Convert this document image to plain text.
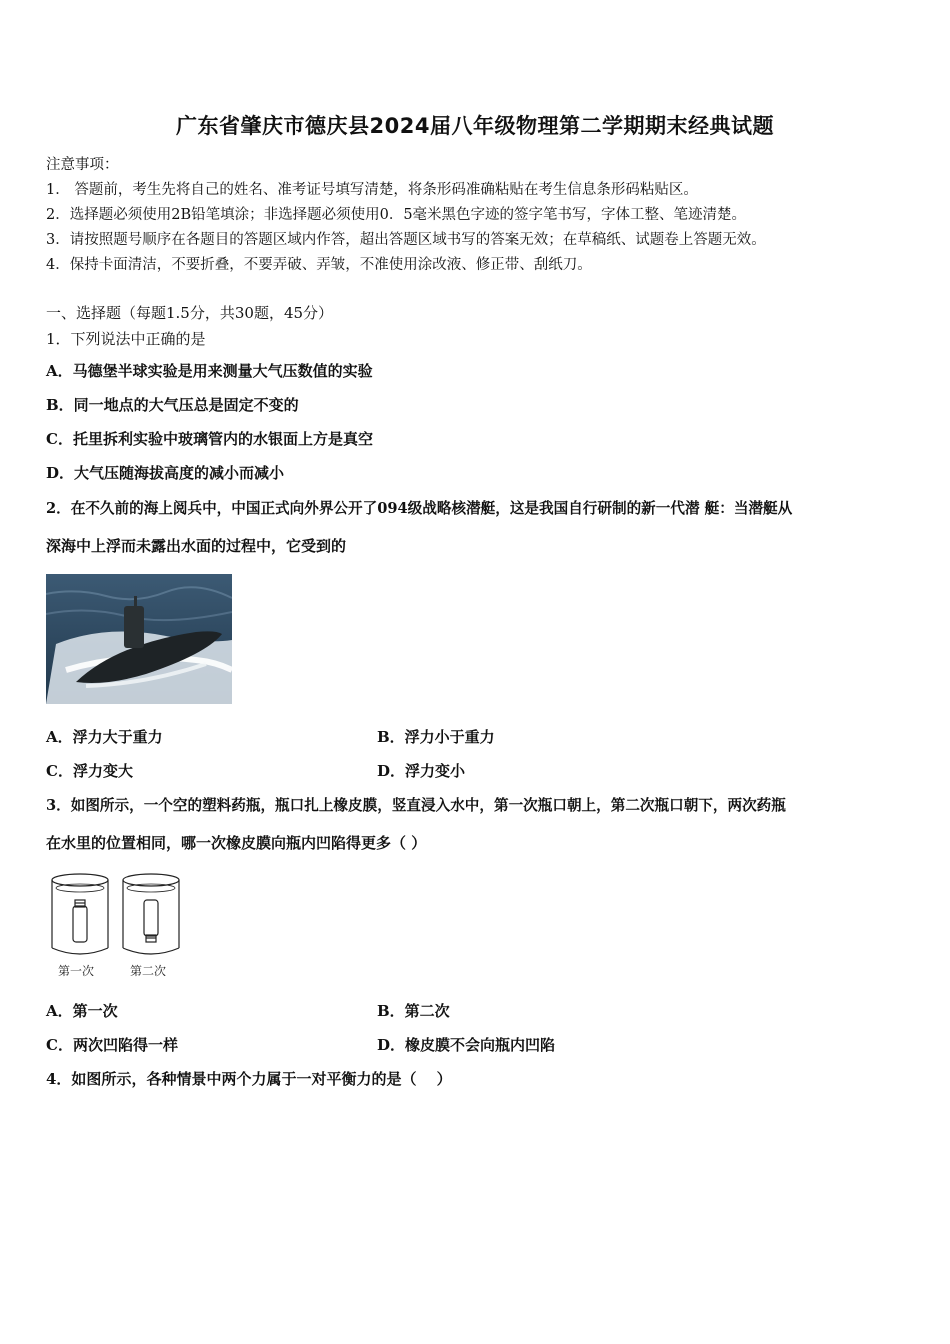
广东省肇庆市德庆县2024届八年级物理第二学期期末经典试题
注意事项：
1． 答题前，考生先将自己的姓名、准考证号填写清楚，将条形码准确粘贴在考生信息条形码粘贴区。
2．选择题必须使用2B铅笔填涂；非选择题必须使用0．5毫米黑色字迹的签字笔书写，字体工整、笔迹清楚。
3．请按照题号顺序在各题目的答题区域内作答，超出答题区域书写的答案无效；在草稿纸、试题卷上答题无效。
4．保持卡面清洁，不要折叠，不要弄破、弄皱，不准使用涂改液、修正带、刮纸刀。
一、选择题（每题1.5分，共30题，45分）
1．下列说法中正确的是
A．马德堡半球实验是用来测量大气压数值的实验
B．同一地点的大气压总是固定不变的
C．托里拆利实验中玻璃管内的水银面上方是真空
D．大气压随海拔高度的减小而减小
2．在不久前的海上阅兵中，中国正式向外界公开了094级战略核潜艇，这是我国自行研制的新一代潜 艇：当潜艇从
深海中上浮而未露出水面的过程中，它受到的
A．浮力大于重力	B．浮力小于重力
C．浮力变大	D．浮力变小
3．如图所示，一个空的塑料药瓶，瓶口扎上橡皮膜，竖直浸入水中，第一次瓶口朝上，第二次瓶口朝下，两次药瓶
在水里的位置相同，哪一次橡皮膜向瓶内凹陷得更多（ ）
第一次	第二次
A．第一次	B．第二次
C．两次凹陷得一样	D．橡皮膜不会向瓶内凹陷
4．如图所示，各种情景中两个力属于一对平衡力的是（　 ）
